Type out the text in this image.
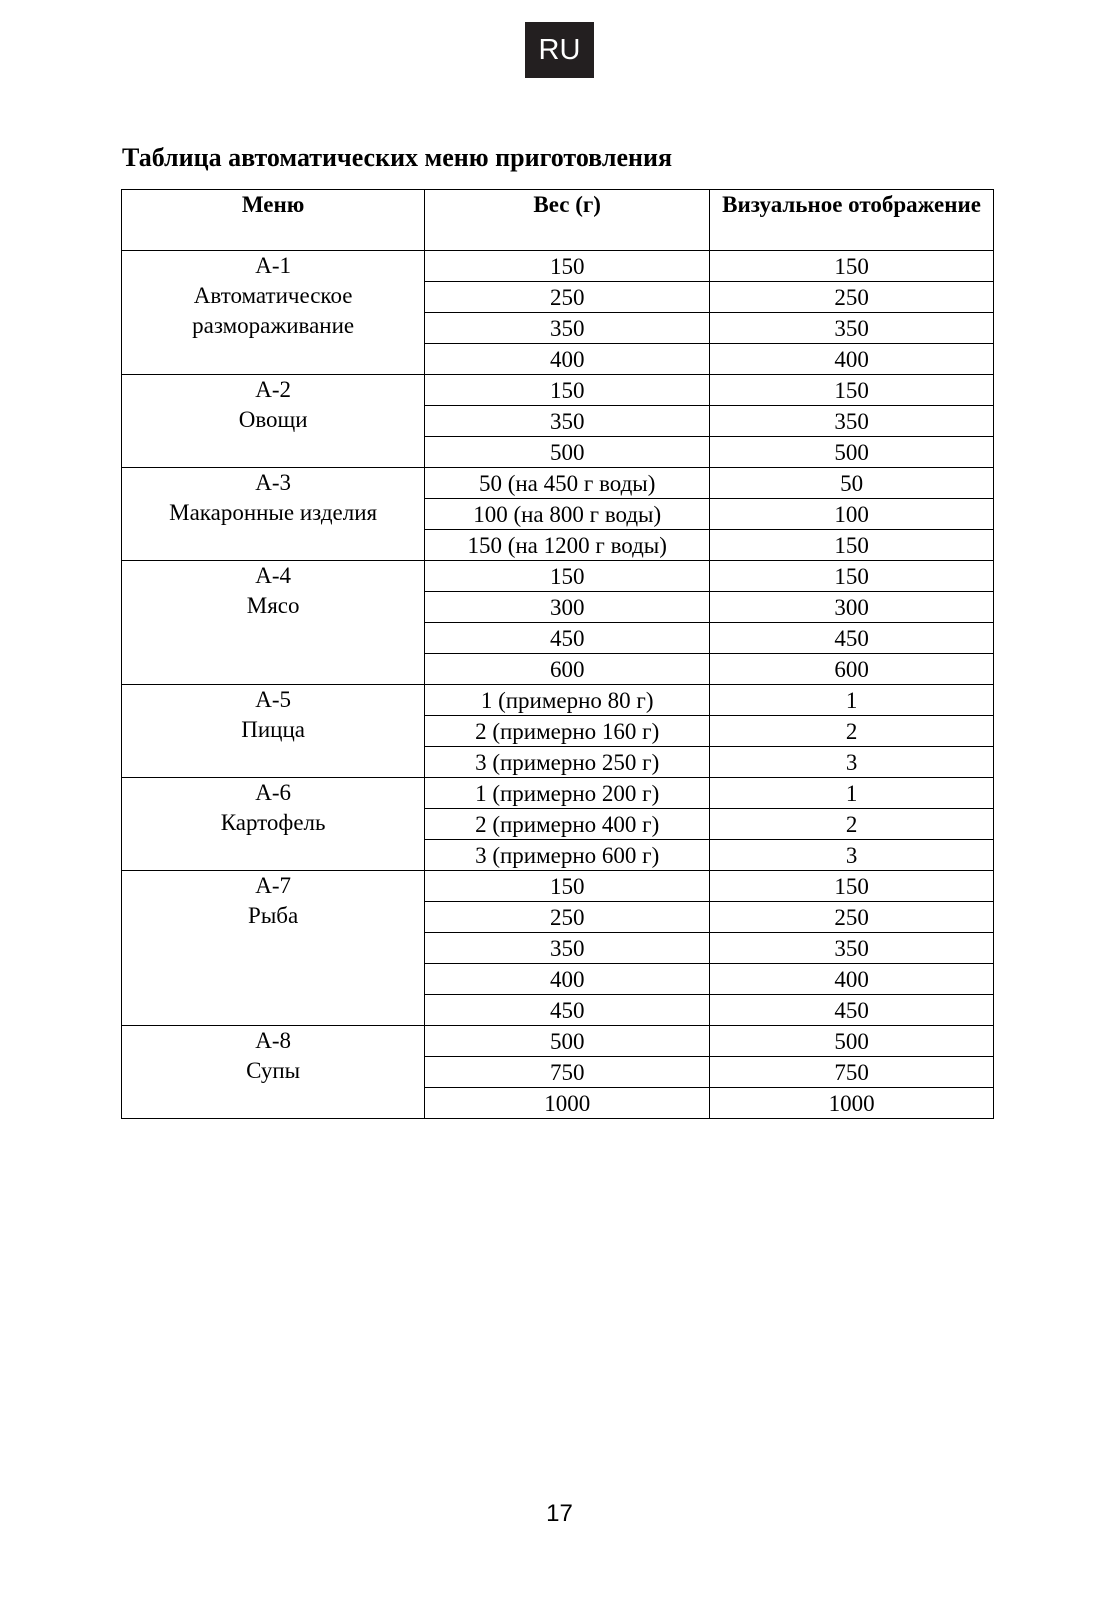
RU
Таблица автоматических меню приготовления
Меню	Вес (г)	Визуальное отображение

А-1
Автоматическое
размораживание	150	150
	250	250
	350	350
	400	400

А-2
Овощи	150	150
	350	350
	500	500

А-3
Макаронные изделия	50 (на 450 г воды)	50
	100 (на 800 г воды)	100
	150 (на 1200 г воды)	150

А-4
Мясо	150	150
	300	300
	450	450
	600	600

А-5
Пицца	1 (примерно 80 г)	1
	2 (примерно 160 г)	2
	3 (примерно 250 г)	3

А-6
Картофель	1 (примерно 200 г)	1
	2 (примерно 400 г)	2
	3 (примерно 600 г)	3

А-7
Рыба	150	150
	250	250
	350	350
	400	400
	450	450

А-8
Супы	500	500
	750	750
	1000	1000
17
